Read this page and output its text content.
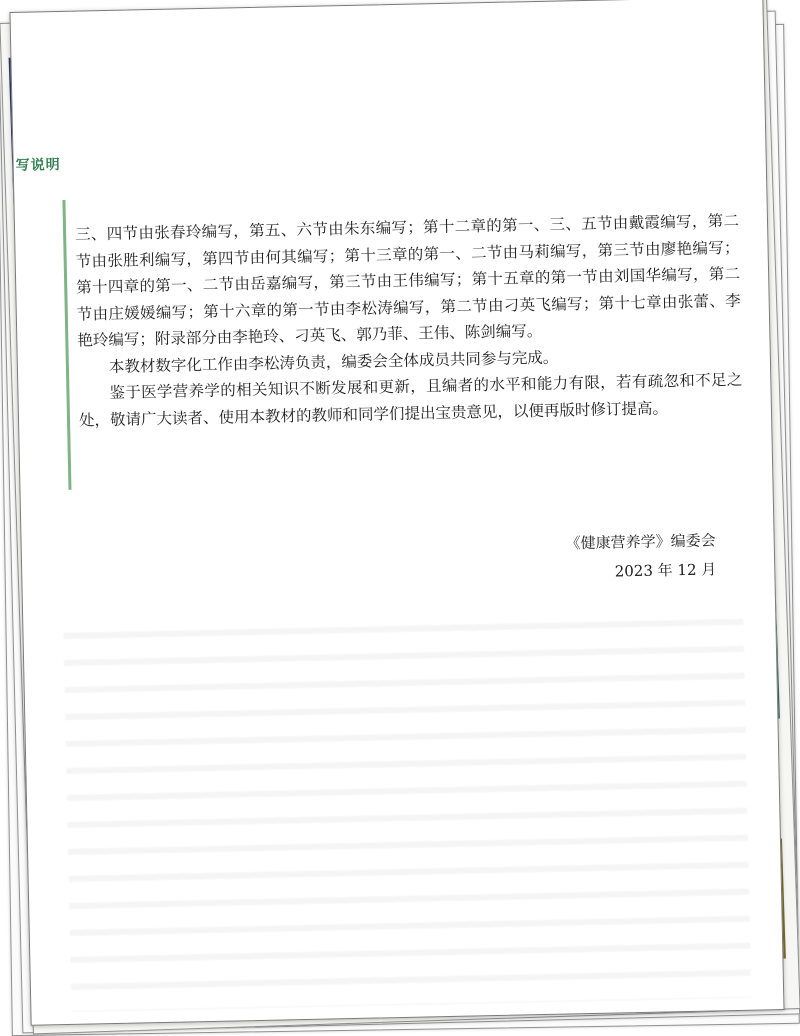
写说明

三、四节由张春玲编写，第五、六节由朱东编写；第十二章的第一、三、五节由戴霞编写，第二节由张胜利编写，第四节由何其编写；第十三章的第一、二节由马莉编写，第三节由廖艳编写；第十四章的第一、二节由岳嘉编写，第三节由王伟编写；第十五章的第一节由刘国华编写，第二节由庄媛媛编写；第十六章的第一节由李松涛编写，第二节由刁英飞编写；第十七章由张蕾、李艳玲编写；附录部分由李艳玲、刁英飞、郭乃菲、王伟、陈剑编写。

本教材数字化工作由李松涛负责，编委会全体成员共同参与完成。

鉴于医学营养学的相关知识不断发展和更新，且编者的水平和能力有限，若有疏忽和不足之处，敬请广大读者、使用本教材的教师和同学们提出宝贵意见，以便再版时修订提高。

《健康营养学》编委会
2023 年 12 月
